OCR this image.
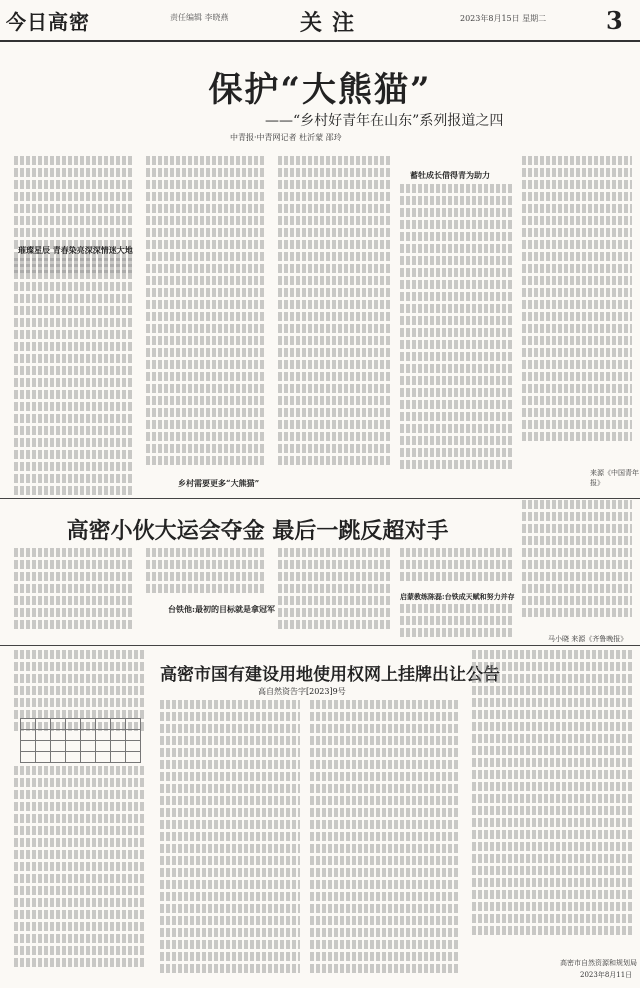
今日高密	责任编辑 李晓燕	关注	2023年8月15日 星期二 3
保护“大熊猫”
——“乡村好青年在山东”系列报道之四
中青报·中青网记者 杜沂蒙 邵玲
璀璨星辰 青春染亮深深情迷大地
乡村需要更多“大熊猫”
蓄牡成长借得青为助力
来源《中国青年报》
高密小伙大运会夺金 最后一跳反超对手
台铁他:最初的目标就是拿冠军
启蒙教练陈磊:台铁成天赋和努力并存
马小晓 来源《齐鲁晚报》
高密市国有建设用地使用权网上挂牌出让公告
高自然资告字[2023]9号

高密市自然资源和规划局
2023年8月11日
